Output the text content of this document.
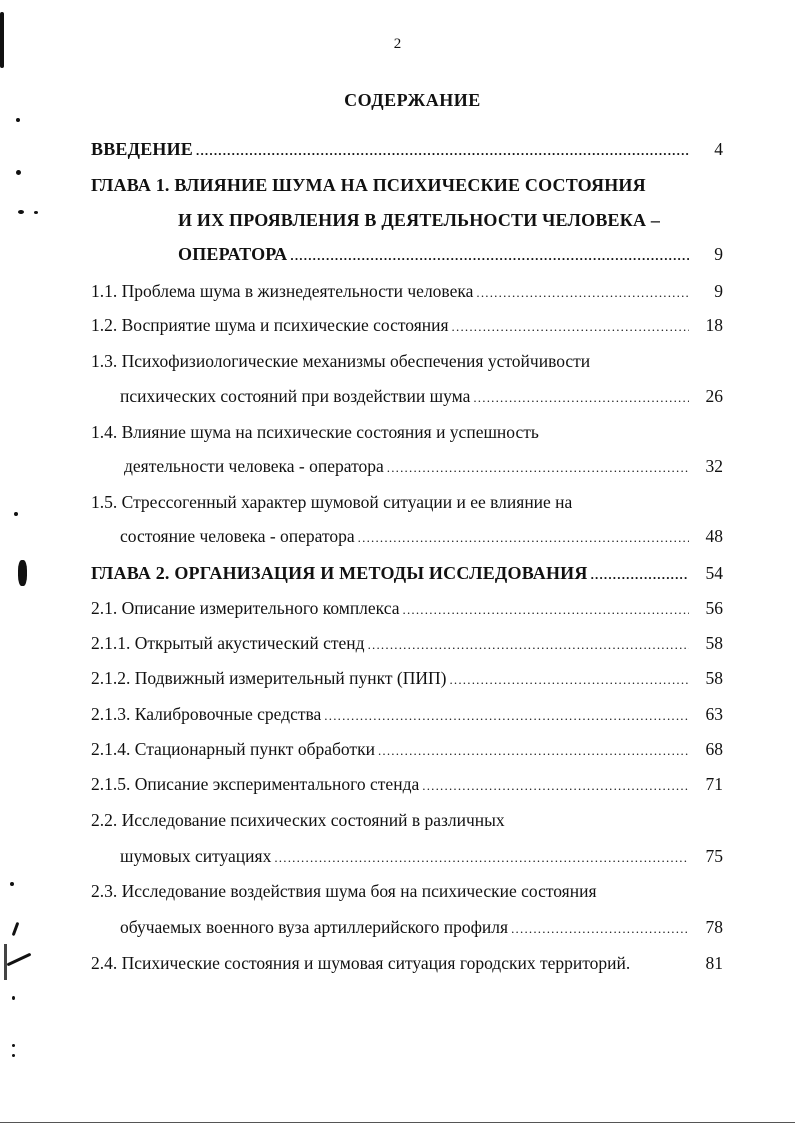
2
СОДЕРЖАНИЕ
ВВЕДЕНИЕ .....	4
ГЛАВА 1. ВЛИЯНИЕ ШУМА НА ПСИХИЧЕСКИЕ СОСТОЯНИЯ
И ИХ ПРОЯВЛЕНИЯ В ДЕЯТЕЛЬНОСТИ ЧЕЛОВЕКА –
ОПЕРАТОРА .....	9
1.1. Проблема шума в жизнедеятельности человека .....	9
1.2. Восприятие шума и психические состояния .....	18
1.3. Психофизиологические механизмы обеспечения устойчивости
психических состояний при воздействии шума .....	26
1.4. Влияние шума на психические состояния и успешность
деятельности человека - оператора .....	32
1.5. Стрессогенный характер шумовой ситуации и ее влияние на
состояние человека - оператора .....	48
ГЛАВА 2. ОРГАНИЗАЦИЯ И МЕТОДЫ ИССЛЕДОВАНИЯ .....	54
2.1. Описание измерительного комплекса .....	56
2.1.1. Открытый акустический стенд .....	58
2.1.2. Подвижный измерительный пункт (ПИП) .....	58
2.1.3. Калибровочные средства .....	63
2.1.4. Стационарный пункт обработки .....	68
2.1.5. Описание экспериментального стенда .....	71
2.2. Исследование психических состояний в различных
шумовых ситуациях .....	75
2.3. Исследование воздействия шума боя на психические состояния
обучаемых военного вуза артиллерийского профиля .....	78
2.4. Психические состояния и шумовая ситуация городских территорий.	81
